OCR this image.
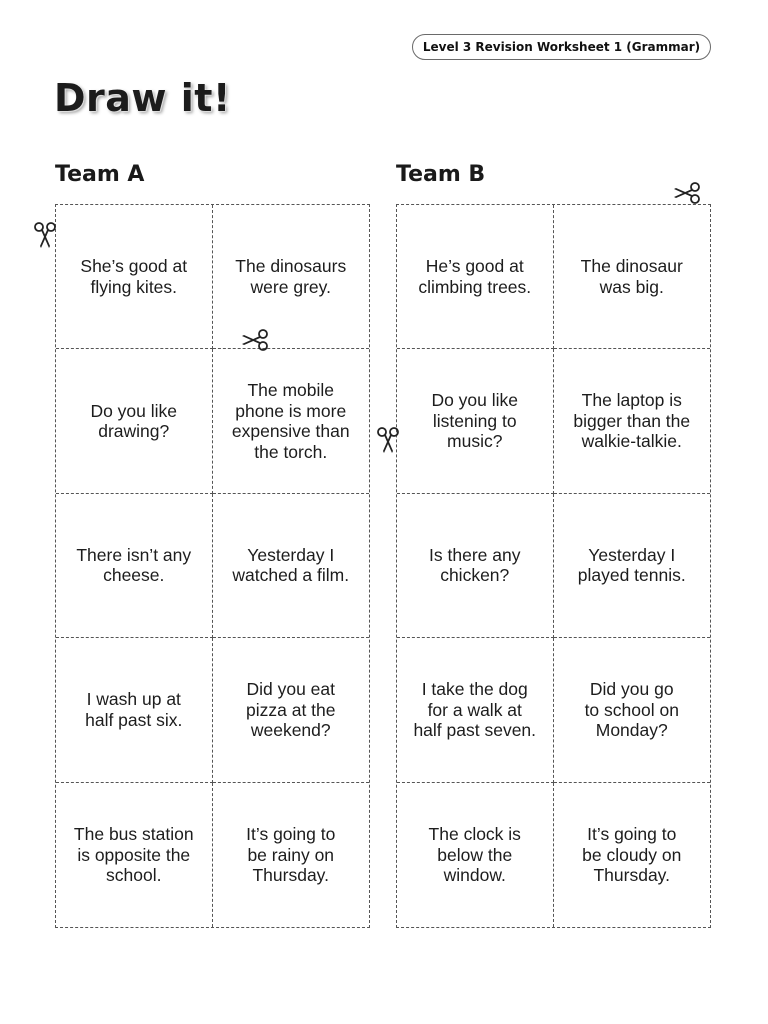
Level 3 Revision Worksheet 1 (Grammar)
Draw it!
Team A	Team B
She’s good at
flying kites.
The dinosaurs
were grey.
Do you like
drawing?
The mobile
phone is more
expensive than
the torch.
There isn’t any
cheese.
Yesterday I
watched a film.
I wash up at
half past six.
Did you eat
pizza at the
weekend?
The bus station
is opposite the
school.
It’s going to
be rainy on
Thursday.
He’s good at
climbing trees.
The dinosaur
was big.
Do you like
listening to
music?
The laptop is
bigger than the
walkie-talkie.
Is there any
chicken?
Yesterday I
played tennis.
I take the dog
for a walk at
half past seven.
Did you go
to school on
Monday?
The clock is
below the
window.
It’s going to
be cloudy on
Thursday.
